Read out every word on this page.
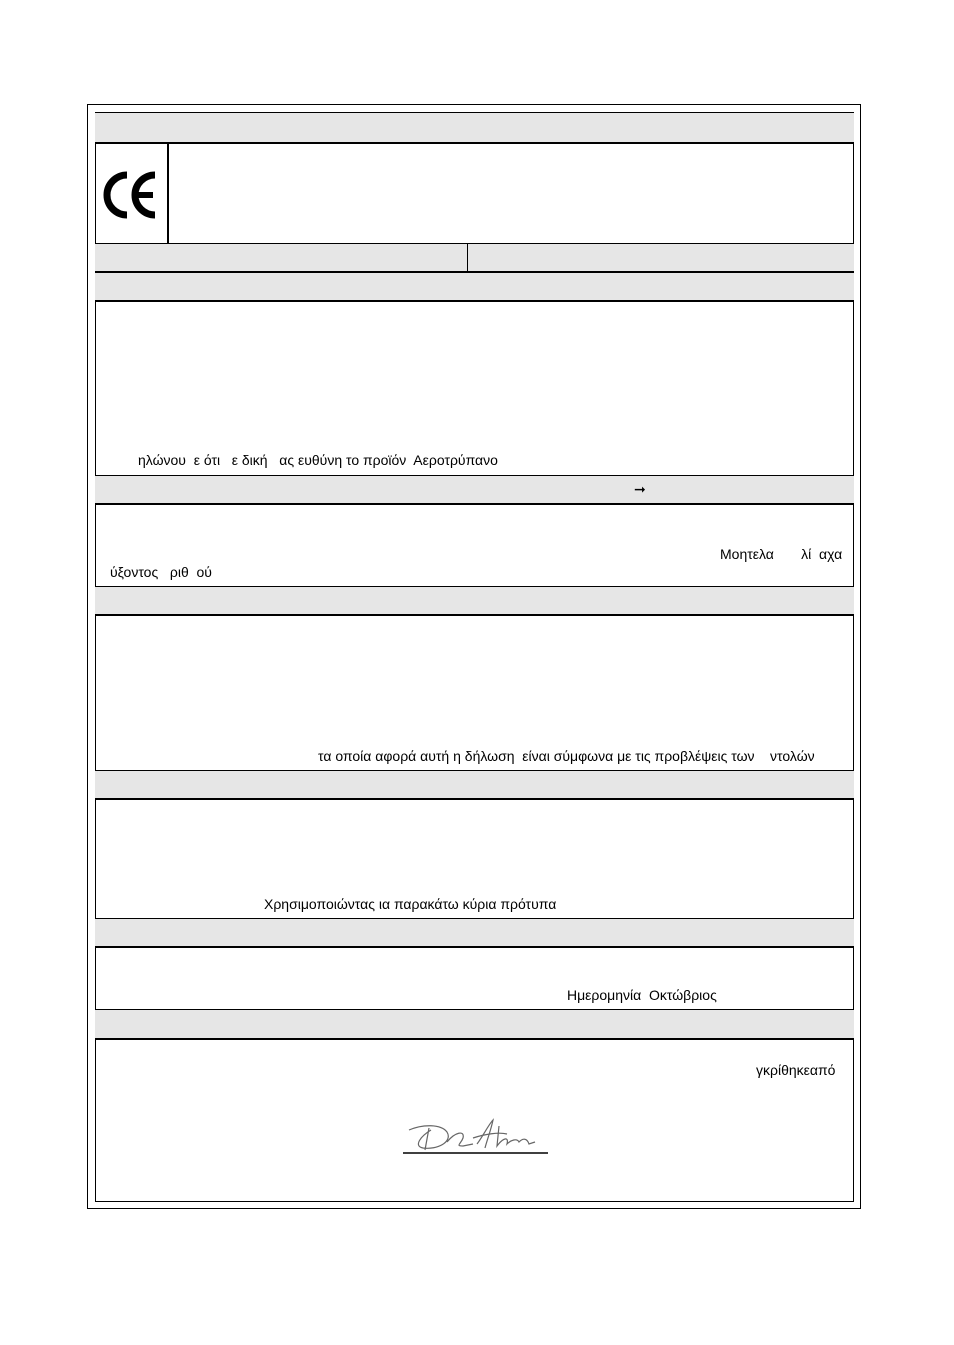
ηλώνου  ε ότι   ε δική   ας ευθύνη το προϊόν  Αεροτρύπανο
➞
Μοητελα       λί  αχα
ύξοντος   ριθ  ού
τα οποία αφορά αυτή η δήλωση  είναι σύμφωνα με τις προβλέψεις των    ντολών
Χρησιμοποιώντας ια παρακάτω κύρια πρότυπα
Ημερομηνία  Οκτώβριος
γκρίθηκεαπό
